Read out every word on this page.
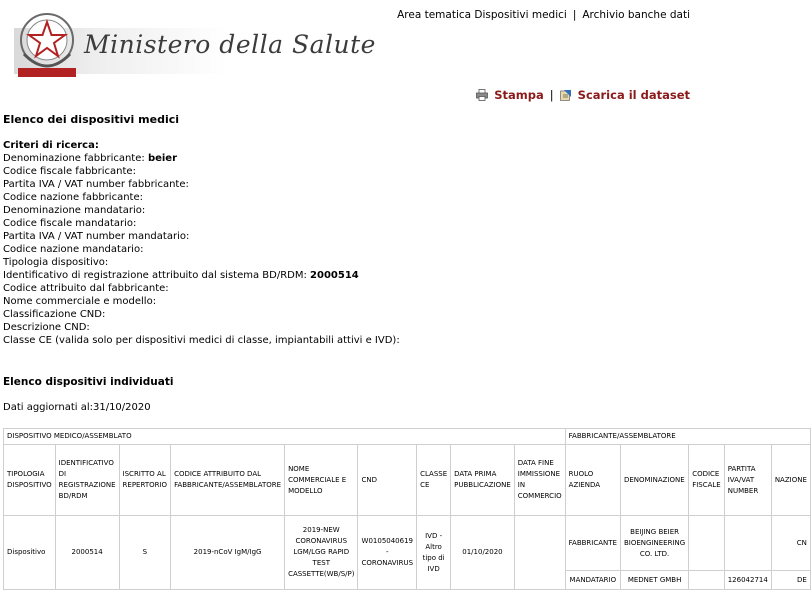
Ministero della Salute
Area tematica Dispositivi medici | Archivio banche dati
Stampa | Scarica il dataset
Elenco dei dispositivi medici
Criteri di ricerca:
Denominazione fabbricante: beier
Codice fiscale fabbricante:
Partita IVA / VAT number fabbricante:
Codice nazione fabbricante:
Denominazione mandatario:
Codice fiscale mandatario:
Partita IVA / VAT number mandatario:
Codice nazione mandatario:
Tipologia dispositivo:
Identificativo di registrazione attribuito dal sistema BD/RDM: 2000514
Codice attribuito dal fabbricante:
Nome commerciale e modello:
Classificazione CND:
Descrizione CND:
Classe CE (valida solo per dispositivi medici di classe, impiantabili attivi e IVD):
Elenco dispositivi individuati
Dati aggiornati al:31/10/2020
DISPOSITIVO MEDICO/ASSEMBLATO									FABBRICANTE/ASSEMBLATORE				
TIPOLOGIA DISPOSITIVO	IDENTIFICATIVO DI REGISTRAZIONE BD/RDM	ISCRITTO AL REPERTORIO	CODICE ATTRIBUITO DAL FABBRICANTE/ASSEMBLATORE	NOME COMMERCIALE E MODELLO	CND	CLASSE CE	DATA PRIMA PUBBLICAZIONE	DATA FINE IMMISSIONE IN COMMERCIO	RUOLO AZIENDA	DENOMINAZIONE	CODICE FISCALE	PARTITA IVA/VAT NUMBER	NAZIONE
Dispositivo	2000514	S	2019-nCoV IgM/IgG	2019-NEW CORONAVIRUS LGM/LGG RAPID TEST CASSETTE(WB/S/P)	W0105040619 - CORONAVIRUS	IVD - Altro tipo di IVD	01/10/2020		FABBRICANTE	BEIJING BEIER BIOENGINEERING CO. LTD.			CN
									MANDATARIO	MEDNET GMBH		126042714	DE
